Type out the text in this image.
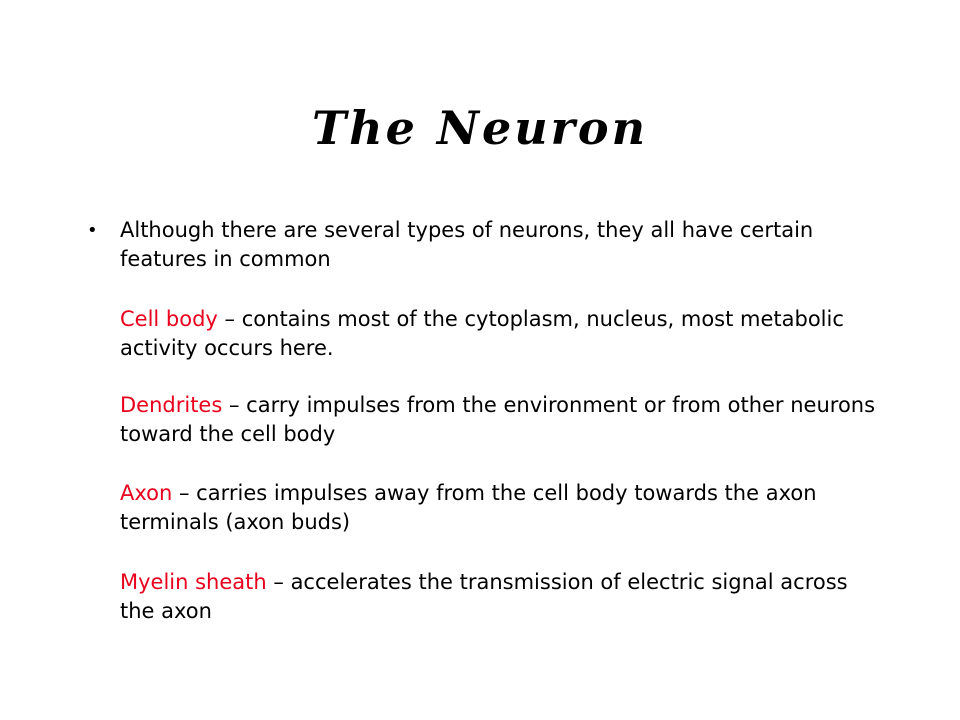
The Neuron
• Although there are several types of neurons, they all have certain features in common
Cell body – contains most of the cytoplasm, nucleus, most metabolic activity occurs here.
Dendrites – carry impulses from the environment or from other neurons toward the cell body
Axon – carries impulses away from the cell body towards the axon terminals (axon buds)
Myelin sheath – accelerates the transmission of electric signal across the axon
